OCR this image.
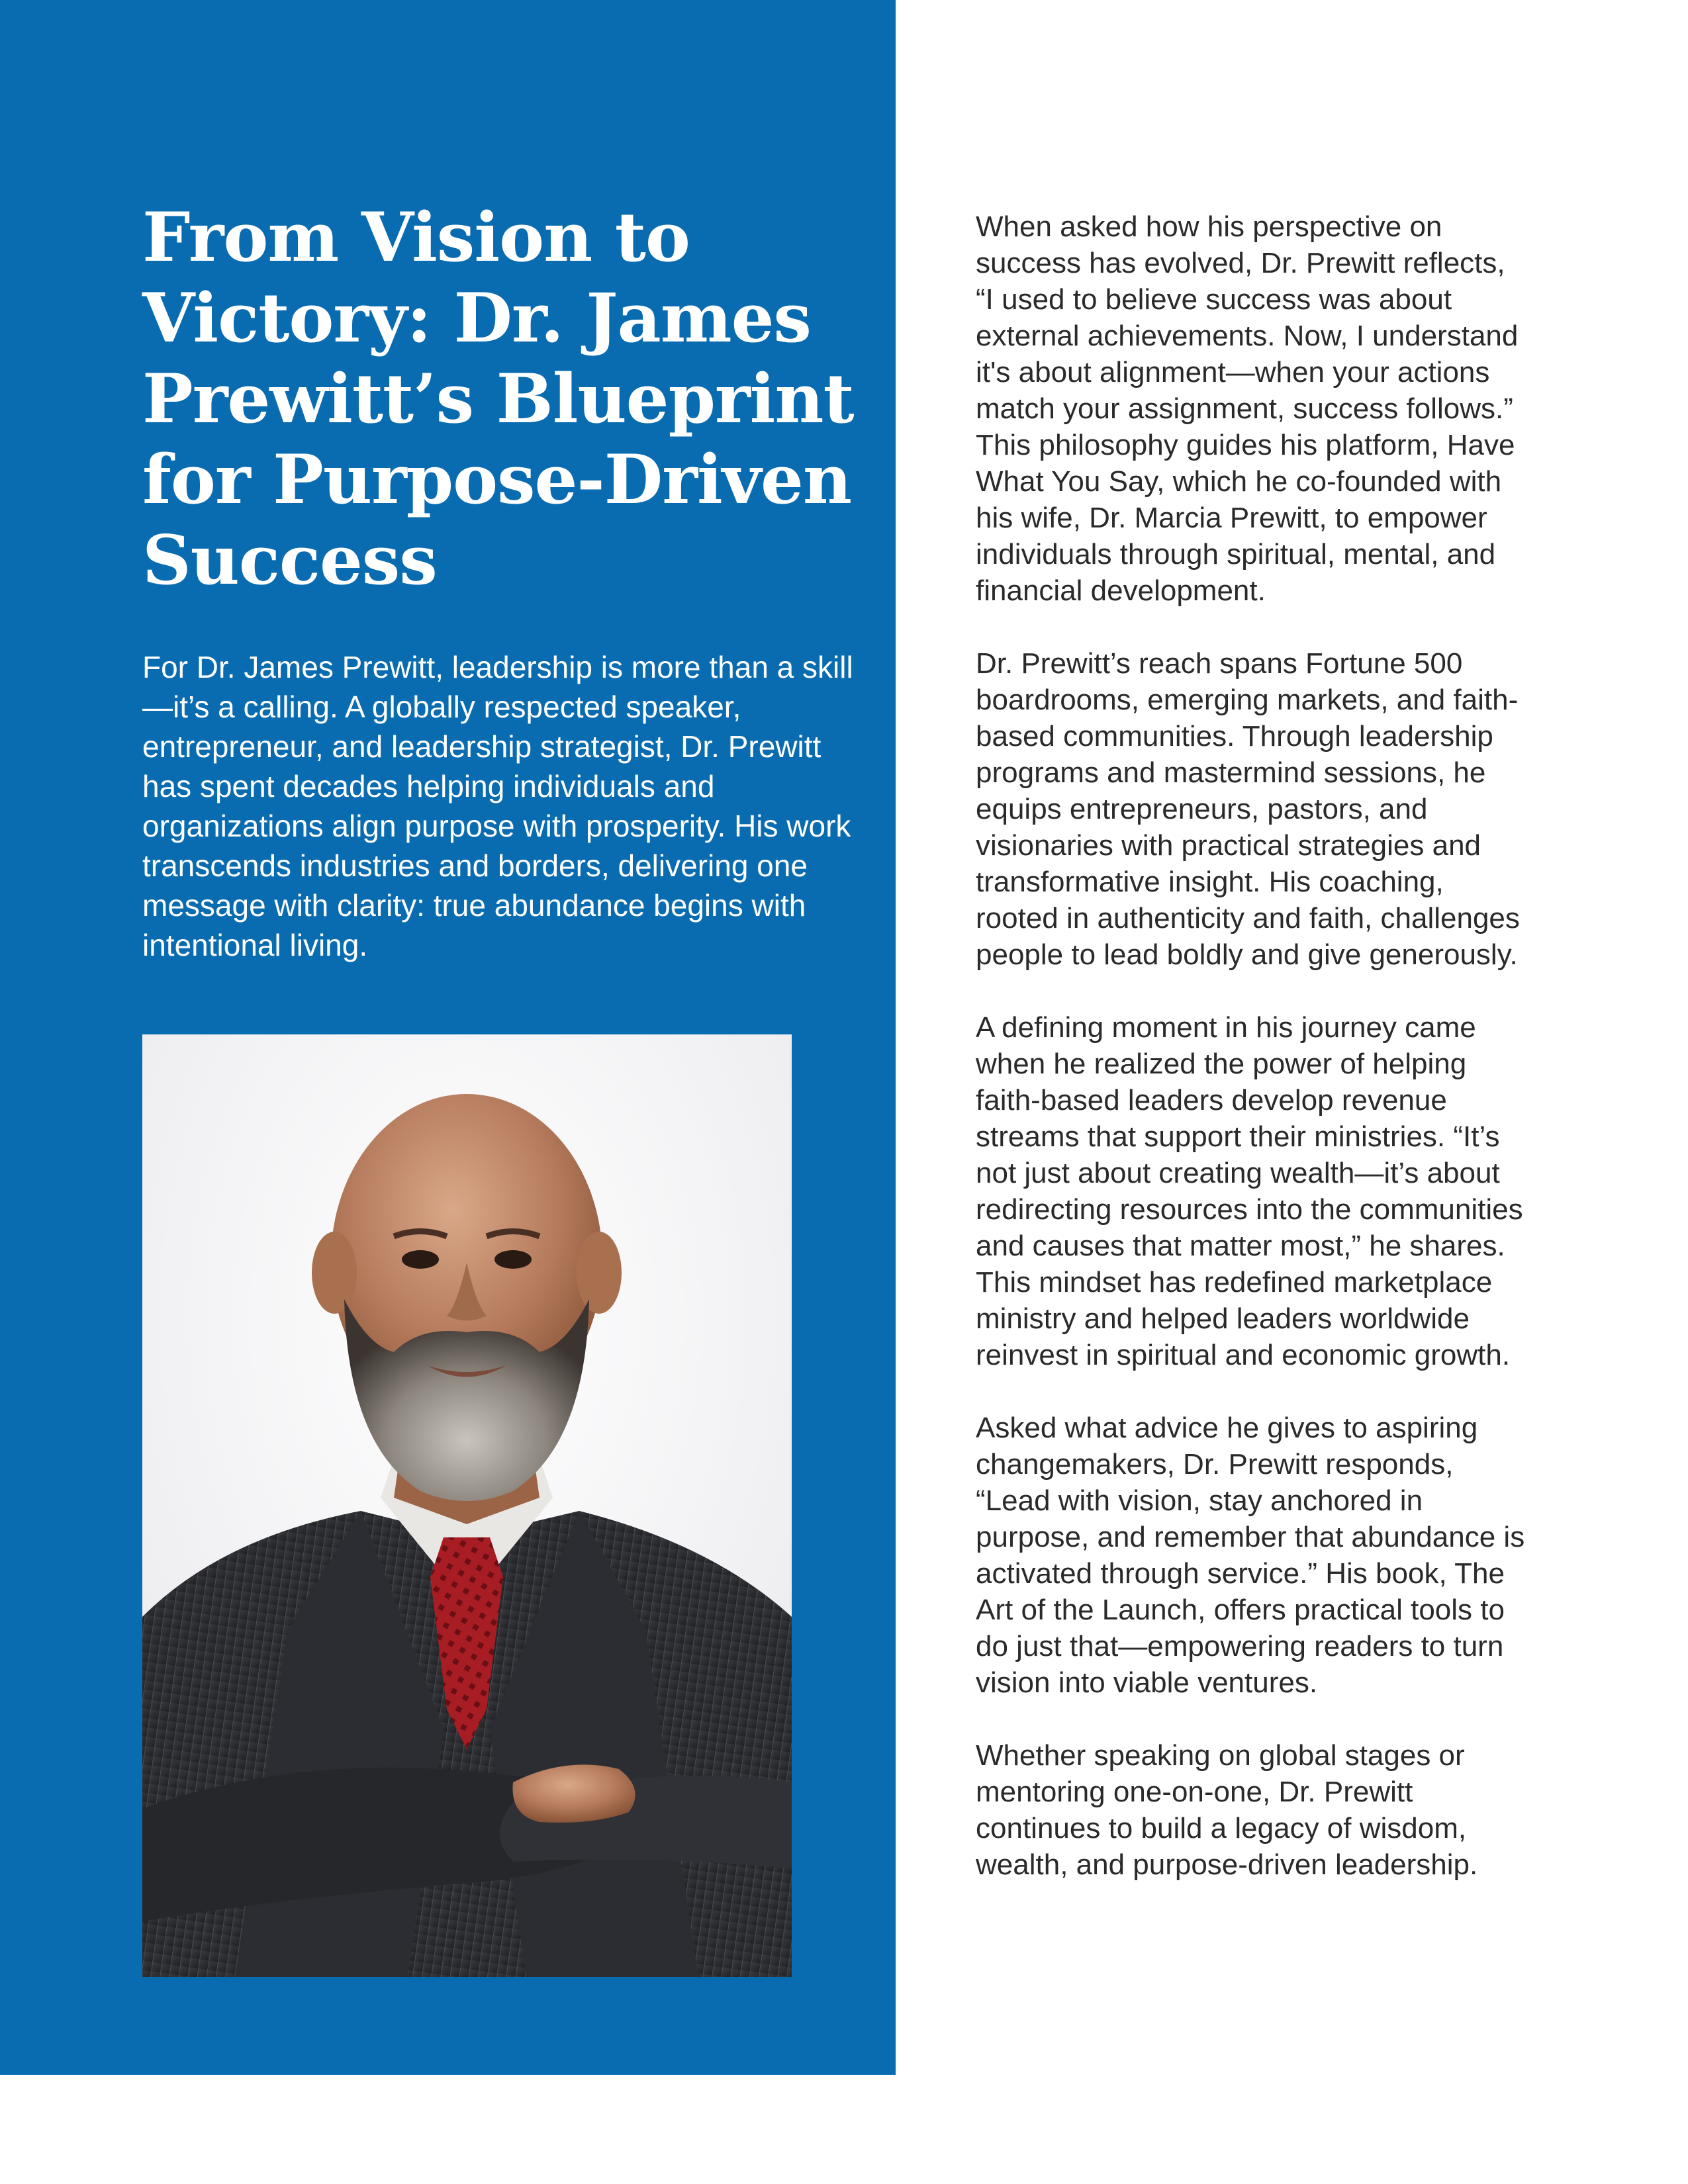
From Vision to Victory: Dr. James Prewitt’s Blueprint for Purpose-Driven Success

For Dr. James Prewitt, leadership is more than a skill—it’s a calling. A globally respected speaker, entrepreneur, and leadership strategist, Dr. Prewitt has spent decades helping individuals and organizations align purpose with prosperity. His work transcends industries and borders, delivering one message with clarity: true abundance begins with intentional living.

When asked how his perspective on success has evolved, Dr. Prewitt reflects, “I used to believe success was about external achievements. Now, I understand it's about alignment—when your actions match your assignment, success follows.” This philosophy guides his platform, Have What You Say, which he co-founded with his wife, Dr. Marcia Prewitt, to empower individuals through spiritual, mental, and financial development.

Dr. Prewitt’s reach spans Fortune 500 boardrooms, emerging markets, and faith-based communities. Through leadership programs and mastermind sessions, he equips entrepreneurs, pastors, and visionaries with practical strategies and transformative insight. His coaching, rooted in authenticity and faith, challenges people to lead boldly and give generously.

A defining moment in his journey came when he realized the power of helping faith-based leaders develop revenue streams that support their ministries. “It’s not just about creating wealth—it’s about redirecting resources into the communities and causes that matter most,” he shares. This mindset has redefined marketplace ministry and helped leaders worldwide reinvest in spiritual and economic growth.

Asked what advice he gives to aspiring changemakers, Dr. Prewitt responds, “Lead with vision, stay anchored in purpose, and remember that abundance is activated through service.” His book, The Art of the Launch, offers practical tools to do just that—empowering readers to turn vision into viable ventures.

Whether speaking on global stages or mentoring one-on-one, Dr. Prewitt continues to build a legacy of wisdom, wealth, and purpose-driven leadership.
